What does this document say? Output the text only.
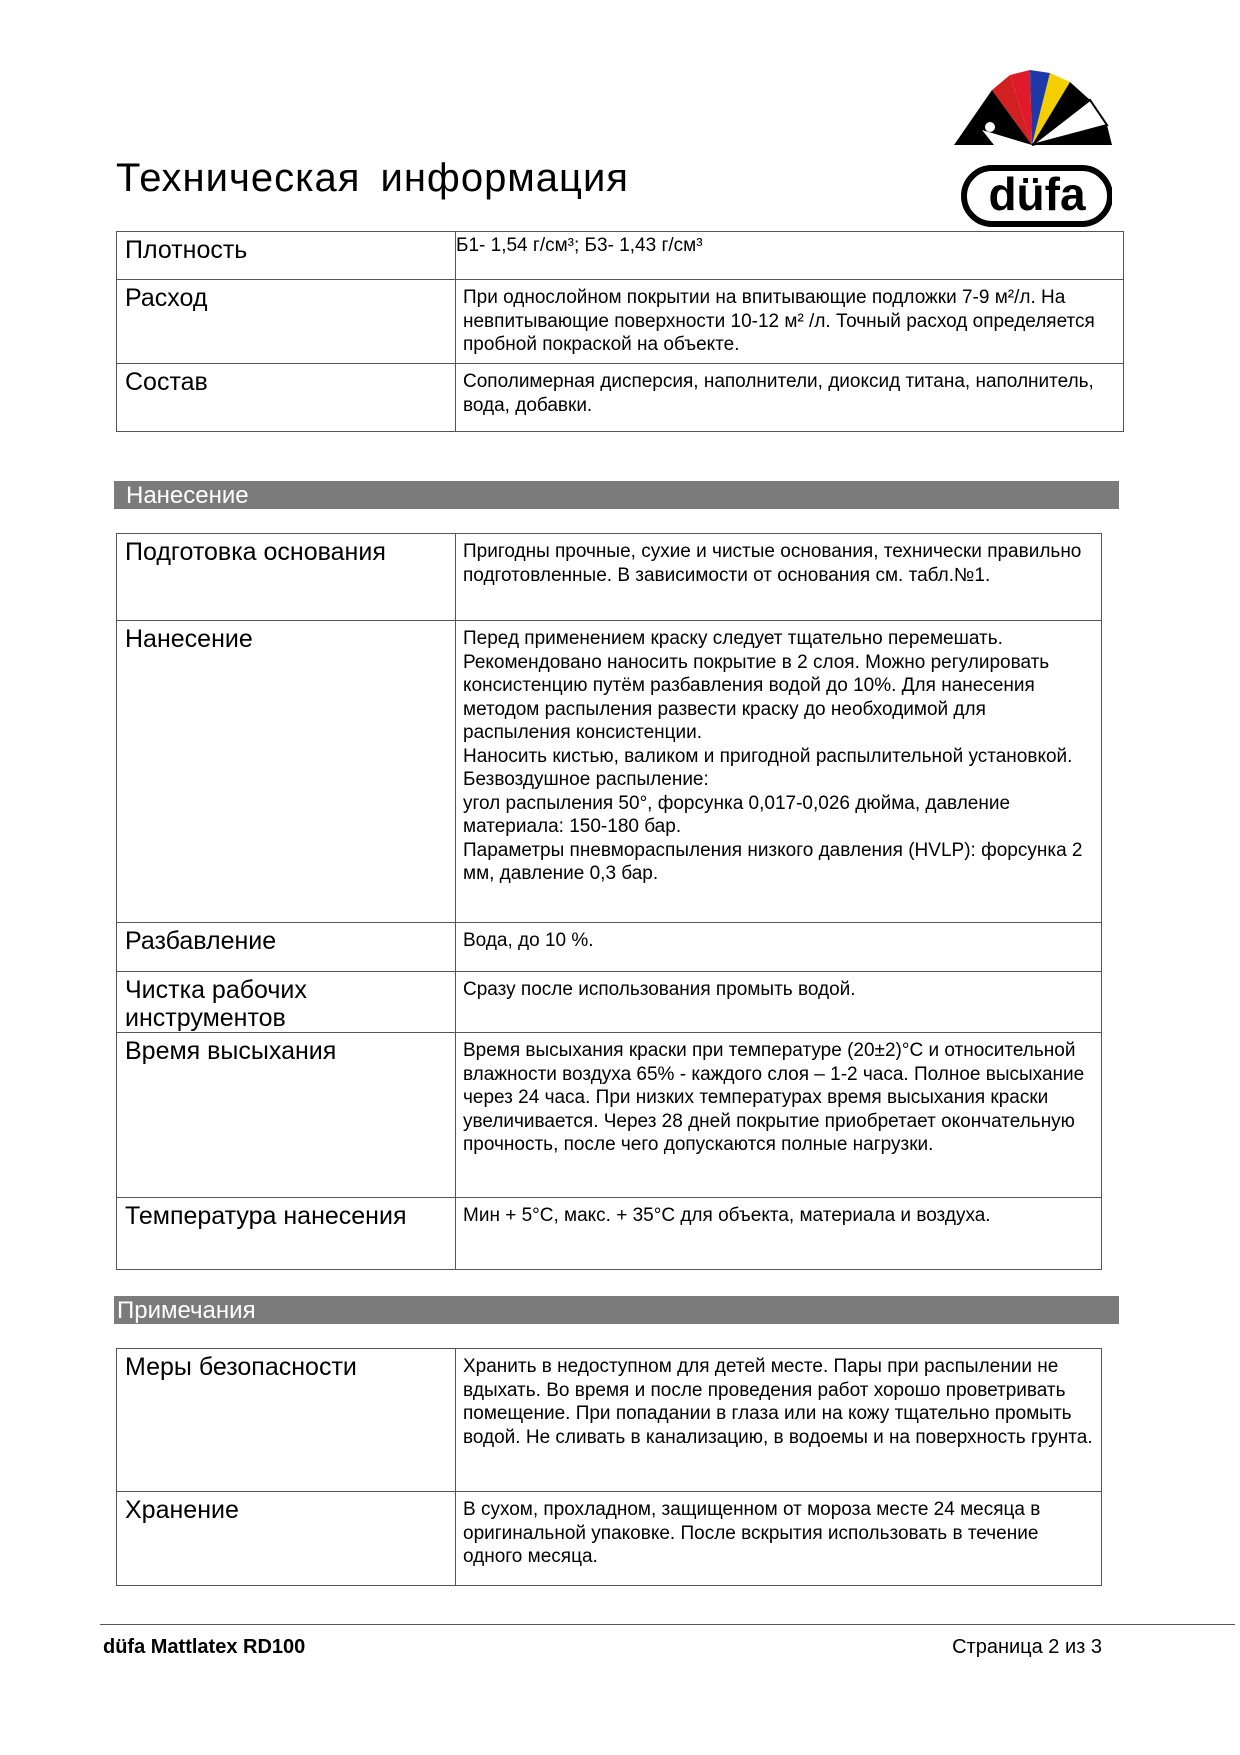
Техническая информация	düfa
Плотность	Б1- 1,54 г/см³; Б3- 1,43 г/см³
Расход	При однослойном покрытии на впитывающие подложки 7-9 м²/л. На невпитывающие поверхности 10-12 м² /л. Точный расход определяется пробной покраской на объекте.
Состав	Сополимерная дисперсия, наполнители, диоксид титана, наполнитель, вода, добавки.
Нанесение
Подготовка основания	Пригодны прочные, сухие и чистые основания, технически правильно подготовленные. В зависимости от основания см. табл.№1.
Нанесение	Перед применением краску следует тщательно перемешать. Рекомендовано наносить покрытие в 2 слоя. Можно регулировать консистенцию путём разбавления водой до 10%. Для нанесения методом распыления развести краску до необходимой для распыления консистенции.
Наносить кистью, валиком и пригодной распылительной установкой.
Безвоздушное распыление:
угол распыления 50°, форсунка 0,017-0,026 дюйма, давление материала: 150-180 бар.
Параметры пневмораспыления низкого давления (HVLP): форсунка 2 мм, давление 0,3 бар.
Разбавление	Вода, до 10 %.
Чистка рабочих инструментов	Сразу после использования промыть водой.
Время высыхания	Время высыхания краски при температуре (20±2)°С и относительной влажности воздуха 65% - каждого слоя – 1-2 часа. Полное высыхание через 24 часа. При низких температурах время высыхания краски увеличивается. Через 28 дней покрытие приобретает окончательную прочность, после чего допускаются полные нагрузки.
Температура нанесения	Мин + 5°С, макс. + 35°С для объекта, материала и воздуха.
Примечания
Меры безопасности	Хранить в недоступном для детей месте. Пары при распылении не вдыхать. Во время и после проведения работ хорошо проветривать помещение. При попадании в глаза или на кожу тщательно промыть водой. Не сливать в канализацию, в водоемы и на поверхность грунта.
Хранение	В сухом, прохладном, защищенном от мороза месте 24 месяца в оригинальной упаковке. После вскрытия использовать в течение одного месяца.
düfa Mattlatex RD100	Страница 2 из 3
